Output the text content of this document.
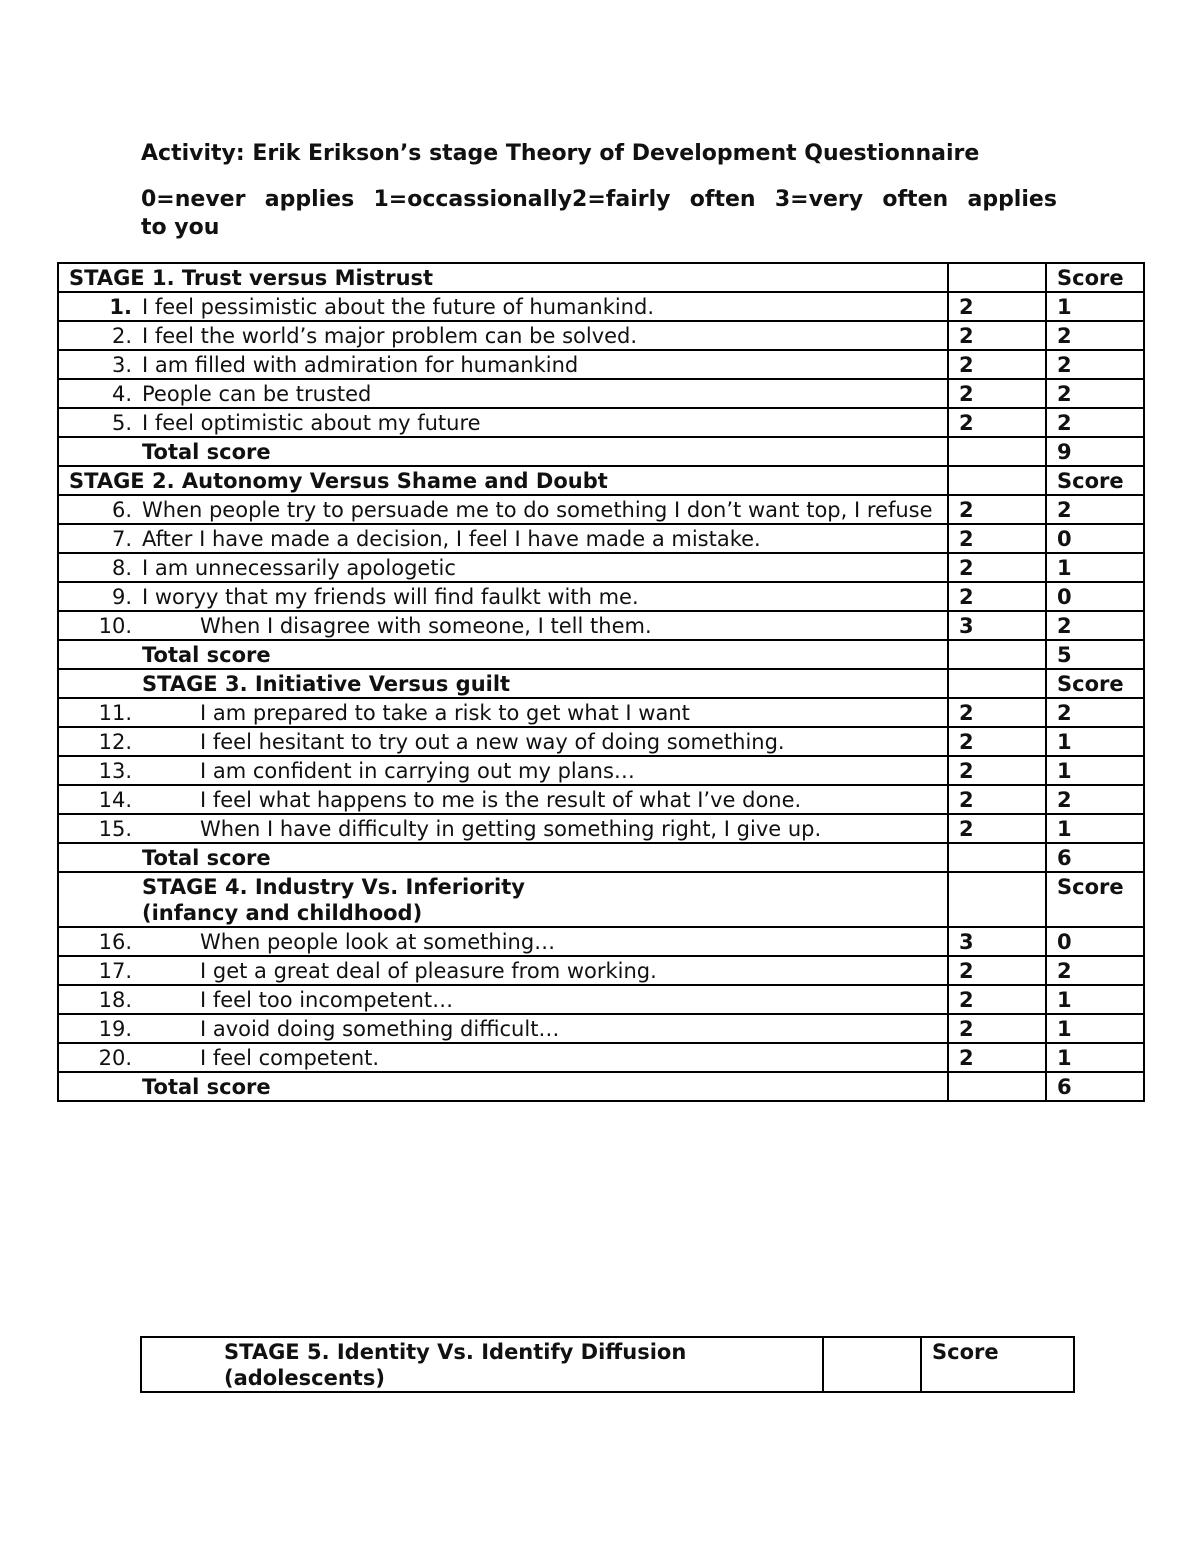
Activity: Erik Erikson’s stage Theory of Development Questionnaire
0=never applies 1=occassionally2=fairly often 3=very often applies
to you
STAGE 1. Trust versus Mistrust		Score

1. I feel pessimistic about the future of humankind.	2	1

2. I feel the world’s major problem can be solved.	2	2

3. I am filled with admiration for humankind	2	2

4. People can be trusted	2	2

5. I feel optimistic about my future	2	2
Total score		9

STAGE 2. Autonomy Versus Shame and Doubt		Score

6. When people try to persuade me to do something I don’t want top, I refuse	2	2

7. After I have made a decision, I feel I have made a mistake.	2	0

8. I am unnecessarily apologetic	2	1

9. I woryy that my friends will find faulkt with me.	2	0

10. When I disagree with someone, I tell them.	3	2
Total score		5

STAGE 3. Initiative Versus guilt		Score

11. I am prepared to take a risk to get what I want	2	2

12. I feel hesitant to try out a new way of doing something.	2	1

13. I am confident in carrying out my plans…	2	1

14. I feel what happens to me is the result of what I’ve done.	2	2

15. When I have difficulty in getting something right, I give up.	2	1
Total score		6

STAGE 4. Industry Vs. Inferiority
(infancy and childhood)		Score

16. When people look at something…	3	0

17. I get a great deal of pleasure from working.	2	2

18. I feel too incompetent…	2	1

19. I avoid doing something difficult…	2	1

20. I feel competent.	2	1
Total score		6
STAGE 5. Identity Vs. Identify Diffusion
(adolescents)
		Score
